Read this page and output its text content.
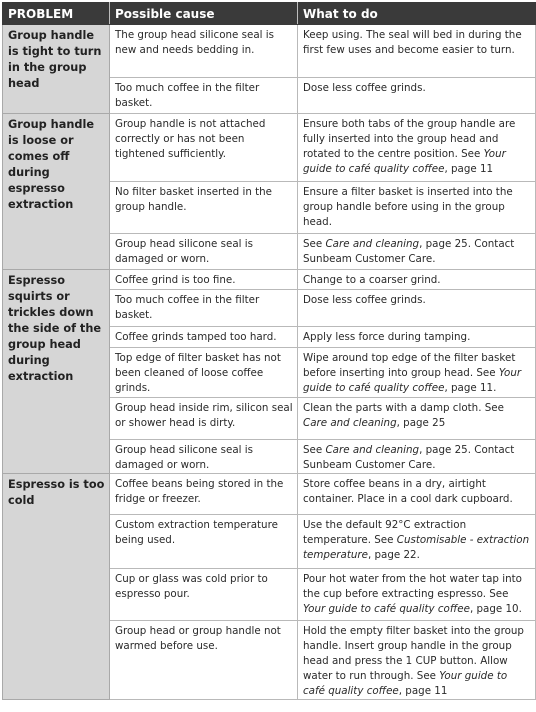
PROBLEM	Possible cause	What to do
Group handle is tight to turn in the group head	The group head silicone seal is new and needs bedding in.	Keep using. The seal will bed in during the first few uses and become easier to turn.
	Too much coffee in the filter basket.	Dose less coffee grinds.
Group handle is loose or comes off during espresso extraction	Group handle is not attached correctly or has not been tightened sufficiently.	Ensure both tabs of the group handle are fully inserted into the group head and rotated to the centre position. See Your guide to café quality coffee, page 11
	No filter basket inserted in the group handle.	Ensure a filter basket is inserted into the group handle before using in the group head.
	Group head silicone seal is damaged or worn.	See Care and cleaning, page 25. Contact Sunbeam Customer Care.
Espresso squirts or trickles down the side of the group head during extraction	Coffee grind is too fine.	Change to a coarser grind.
	Too much coffee in the filter basket.	Dose less coffee grinds.
	Coffee grinds tamped too hard.	Apply less force during tamping.
	Top edge of filter basket has not been cleaned of loose coffee grinds.	Wipe around top edge of the filter basket before inserting into group head. See Your guide to café quality coffee, page 11.
	Group head inside rim, silicon seal or shower head is dirty.	Clean the parts with a damp cloth. See Care and cleaning, page 25
	Group head silicone seal is damaged or worn.	See Care and cleaning, page 25. Contact Sunbeam Customer Care.
Espresso is too cold	Coffee beans being stored in the fridge or freezer.	Store coffee beans in a dry, airtight container. Place in a cool dark cupboard.
	Custom extraction temperature being used.	Use the default 92°C extraction temperature. See Customisable - extraction temperature, page 22.
	Cup or glass was cold prior to espresso pour.	Pour hot water from the hot water tap into the cup before extracting espresso. See Your guide to café quality coffee, page 10.
	Group head or group handle not warmed before use.	Hold the empty filter basket into the group handle. Insert group handle in the group head and press the 1 CUP button. Allow water to run through. See Your guide to café quality coffee, page 11
